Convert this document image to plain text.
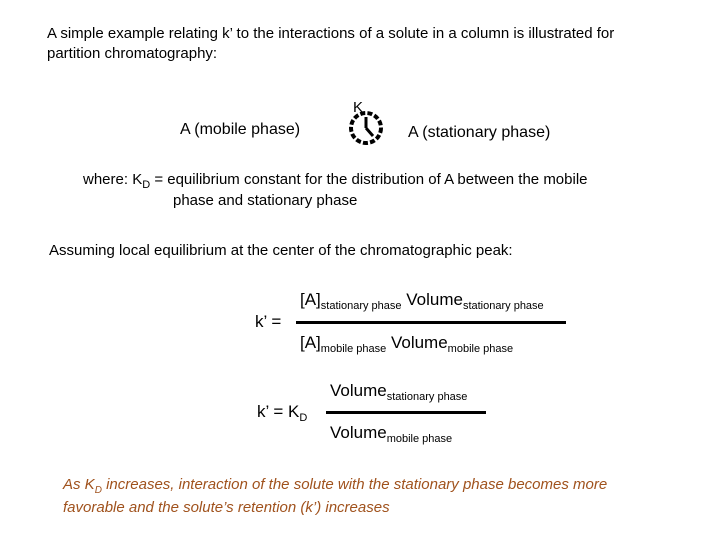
A simple example relating k’ to the interactions of a solute in a column is illustrated for
partition chromatography:
A (mobile phase)
K
A (stationary phase)
where: $K_D$ = equilibrium constant for the distribution of A between the mobile
phase and stationary phase
Assuming local equilibrium at the center of the chromatographic peak:
$[A]_{stationary phase}$ Volume$_{stationary phase}$
k’ =
$[A]_{mobile phase}$ Volume$_{mobile phase}$
Volume$_{stationary phase}$
k’ = $K_D$
Volume$_{mobile phase}$
As $K_D$ increases, interaction of the solute with the stationary phase becomes more
favorable and the solute’s retention (k’) increases
